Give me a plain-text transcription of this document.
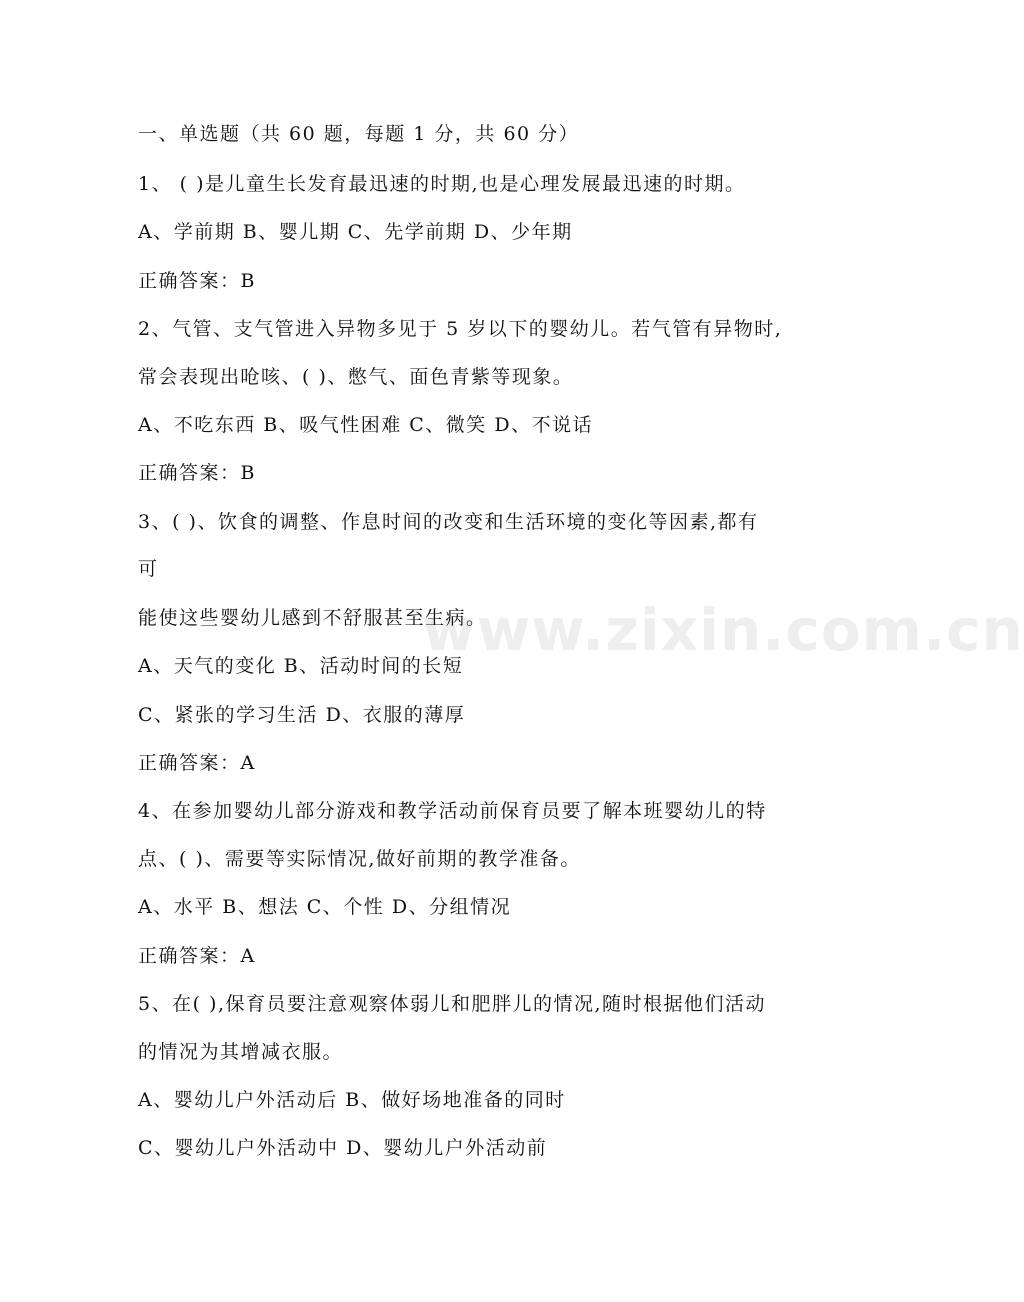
www.zixin.com.cn
一、单选题（共 60 题，每题 1 分，共 60 分）
1、 ( )是儿童生长发育最迅速的时期,也是心理发展最迅速的时期。
A、学前期 B、婴儿期 C、先学前期 D、少年期
正确答案：B
2、气管、支气管进入异物多见于 5 岁以下的婴幼儿。若气管有异物时,
常会表现出呛咳、( )、憋气、面色青紫等现象。
A、不吃东西 B、吸气性困难 C、微笑 D、不说话
正确答案：B
3、( )、饮食的调整、作息时间的改变和生活环境的变化等因素,都有
可
能使这些婴幼儿感到不舒服甚至生病。
A、天气的变化 B、活动时间的长短
C、紧张的学习生活 D、衣服的薄厚
正确答案：A
4、在参加婴幼儿部分游戏和教学活动前保育员要了解本班婴幼儿的特
点、( )、需要等实际情况,做好前期的教学准备。
A、水平 B、想法 C、个性 D、分组情况
正确答案：A
5、在( ),保育员要注意观察体弱儿和肥胖儿的情况,随时根据他们活动
的情况为其增减衣服。
A、婴幼儿户外活动后 B、做好场地准备的同时
C、婴幼儿户外活动中 D、婴幼儿户外活动前
